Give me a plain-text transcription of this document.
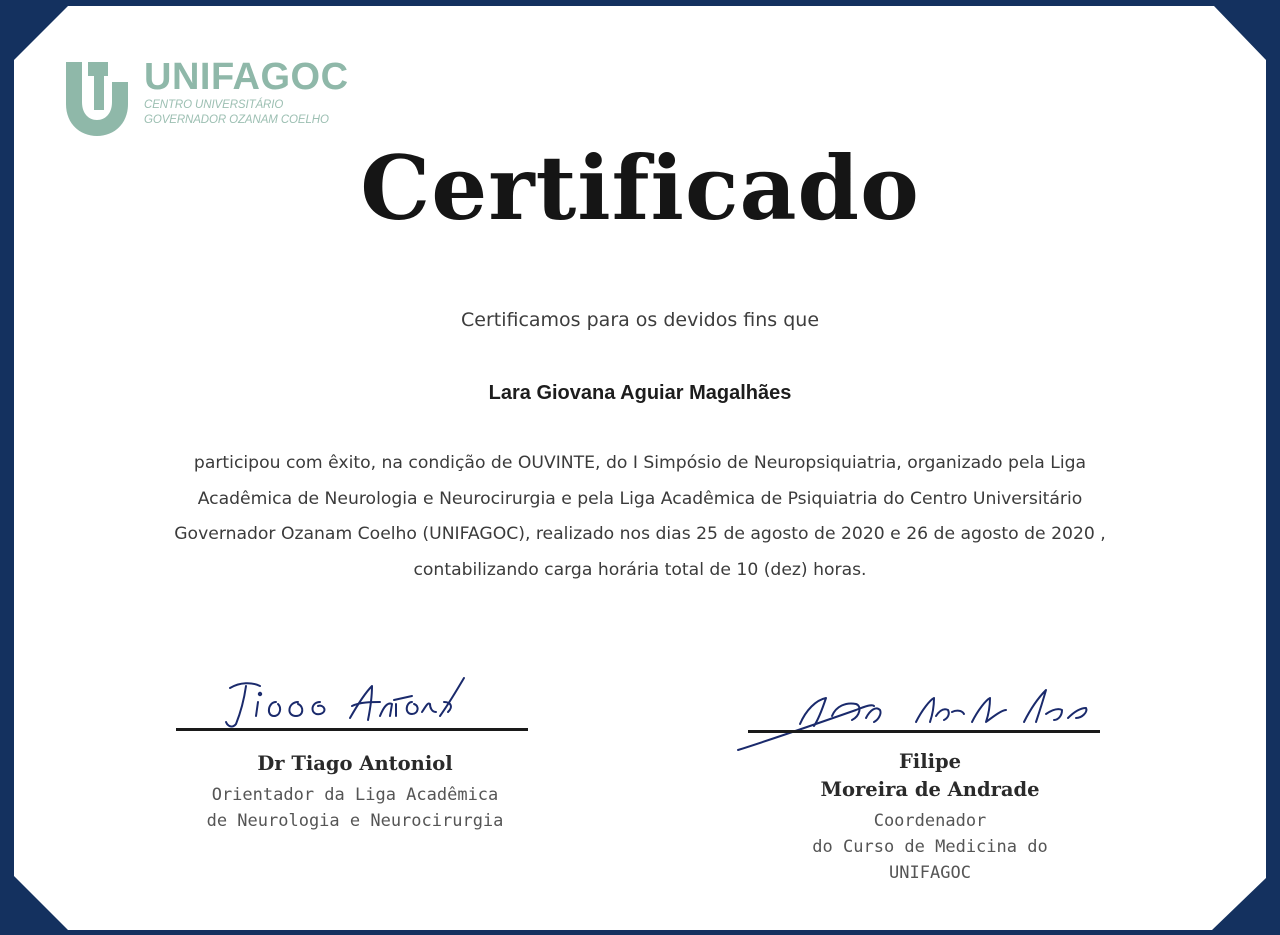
UNIFAGOC
CENTRO UNIVERSITÁRIO
GOVERNADOR OZANAM COELHO
Certificado
Certificamos para os devidos fins que
Lara Giovana Aguiar Magalhães
participou com êxito, na condição de OUVINTE, do I Simpósio de Neuropsiquiatria, organizado pela Liga
Acadêmica de Neurologia e Neurocirurgia e pela Liga Acadêmica de Psiquiatria do Centro Universitário
Governador Ozanam Coelho (UNIFAGOC), realizado nos dias 25 de agosto de 2020 e 26 de agosto de 2020 ,
contabilizando carga horária total de 10 (dez) horas.
Dr Tiago Antoniol
Orientador da Liga Acadêmica
de Neurologia e Neurocirurgia
Filipe
Moreira de Andrade
Coordenador
do Curso de Medicina do
UNIFAGOC
